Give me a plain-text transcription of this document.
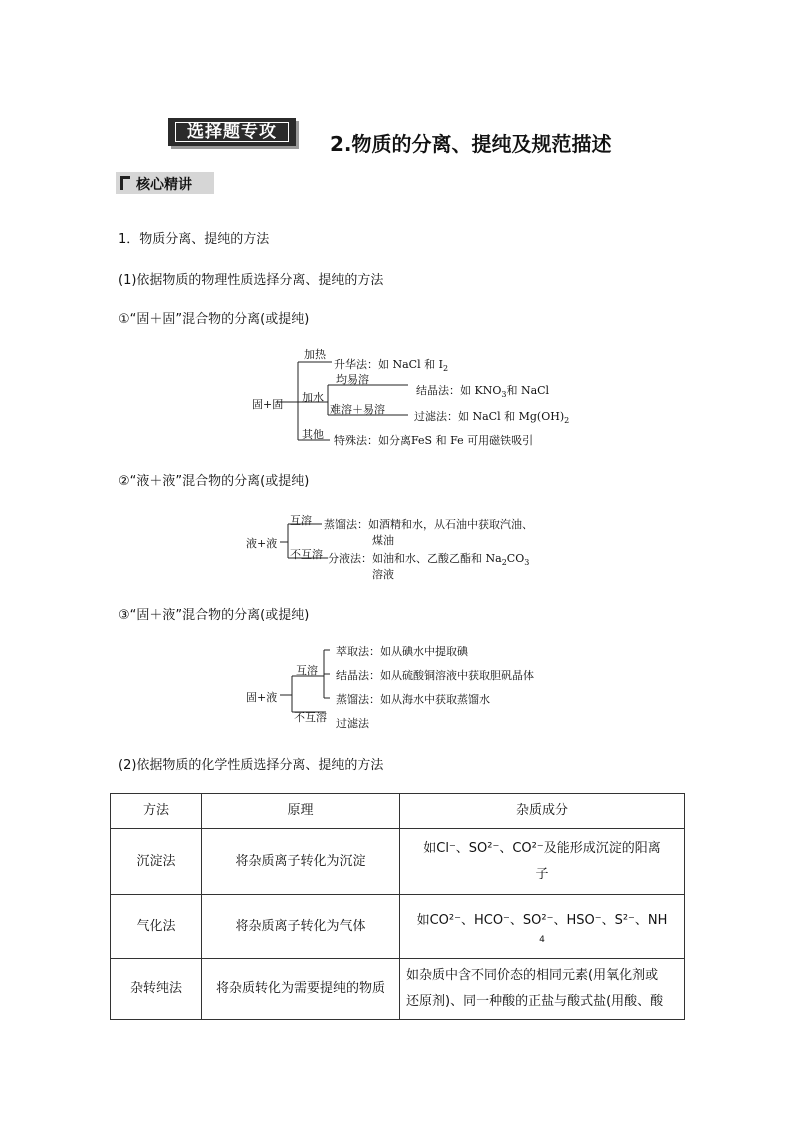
选择题专攻	2.物质的分离、提纯及规范描述
核心精讲
1．物质分离、提纯的方法
(1)依据物质的物理性质选择分离、提纯的方法
①“固＋固”混合物的分离(或提纯)
固+固
加热
升华法：如 NaCl 和 $I_2$
加水
均易溶
结晶法：如 $KNO_3$和 NaCl
难溶＋易溶
过滤法：如 NaCl 和 $Mg(OH)_2$
其他 特殊法：如分离FeS 和 Fe 可用磁铁吸引
②“液＋液”混合物的分离(或提纯)
液+液
互溶 蒸馏法：如酒精和水，从石油中获取汽油、
煤油
不互溶 分液法：如油和水、乙酸乙酯和 $Na_2CO_3$
溶液
③“固＋液”混合物的分离(或提纯)
固+液
互溶
萃取法：如从碘水中提取碘
结晶法：如从硫酸铜溶液中获取胆矾晶体
蒸馏法：如从海水中获取蒸馏水
不互溶 过滤法
(2)依据物质的化学性质选择分离、提纯的方法
方法	原理	杂质成分
沉淀法	将杂质离子转化为沉淀	如Cl⁻、SO²⁻、CO²⁻及能形成沉淀的阳离
子

气化法	将杂质离子转化为气体	如CO²⁻、HCO⁻、SO²⁻、HSO⁻、S²⁻、NH
4

杂转纯法	将杂质转化为需要提纯的物质	如杂质中含不同价态的相同元素(用氧化剂或
还原剂)、同一种酸的正盐与酸式盐(用酸、酸
